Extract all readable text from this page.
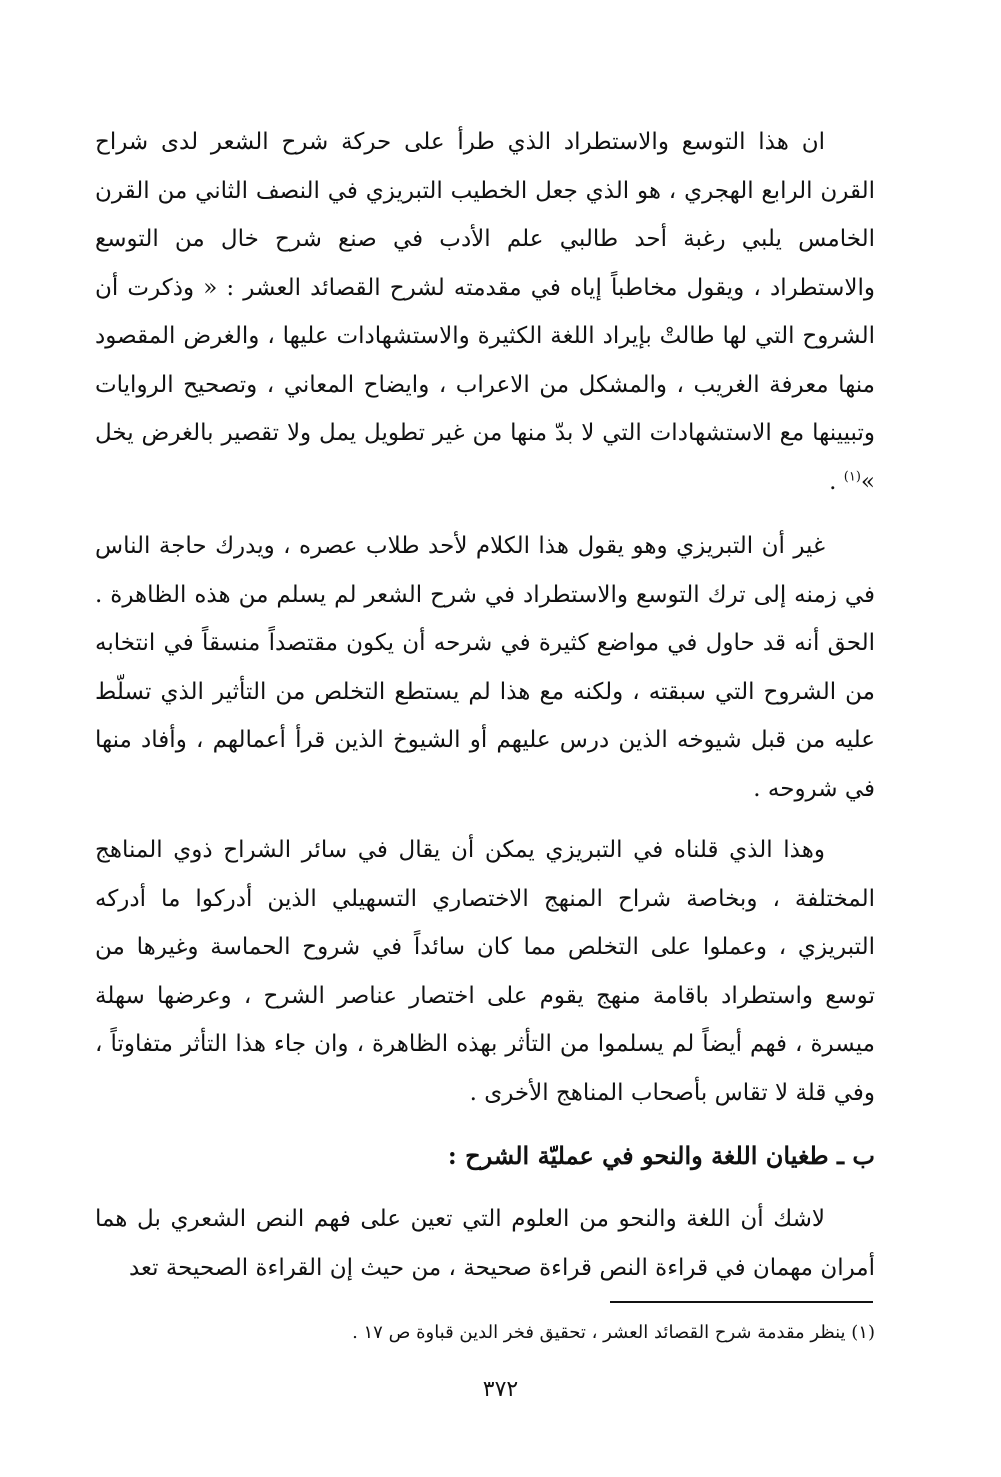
ان هذا التوسع والاستطراد الذي طرأ على حركة شرح الشعر لدى شراح القرن الرابع الهجري ، هو الذي جعل الخطيب التبريزي في النصف الثاني من القرن الخامس يلبي رغبة أحد طالبي علم الأدب في صنع شرح خال من التوسع والاستطراد ، ويقول مخاطباً إياه في مقدمته لشرح القصائد العشر : « وذكرت أن الشروح التي لها طالتْ بإيراد اللغة الكثيرة والاستشهادات عليها ، والغرض المقصود منها معرفة الغريب ، والمشكل من الاعراب ، وايضاح المعاني ، وتصحيح الروايات وتبيينها مع الاستشهادات التي لا بدّ منها من غير تطويل يمل ولا تقصير بالغرض يخل »$^{(١)}$ .

غير أن التبريزي وهو يقول هذا الكلام لأحد طلاب عصره ، ويدرك حاجة الناس في زمنه إلى ترك التوسع والاستطراد في شرح الشعر لم يسلم من هذه الظاهرة . الحق أنه قد حاول في مواضع كثيرة في شرحه أن يكون مقتصداً منسقاً في انتخابه من الشروح التي سبقته ، ولكنه مع هذا لم يستطع التخلص من التأثير الذي تسلّط عليه من قبل شيوخه الذين درس عليهم أو الشيوخ الذين قرأ أعمالهم ، وأفاد منها في شروحه .

وهذا الذي قلناه في التبريزي يمكن أن يقال في سائر الشراح ذوي المناهج المختلفة ، وبخاصة شراح المنهج الاختصاري التسهيلي الذين أدركوا ما أدركه التبريزي ، وعملوا على التخلص مما كان سائداً في شروح الحماسة وغيرها من توسع واستطراد باقامة منهج يقوم على اختصار عناصر الشرح ، وعرضها سهلة ميسرة ، فهم أيضاً لم يسلموا من التأثر بهذه الظاهرة ، وان جاء هذا التأثر متفاوتاً ، وفي قلة لا تقاس بأصحاب المناهج الأخرى .

ب ـ طغيان اللغة والنحو في عمليّة الشرح :

لاشك أن اللغة والنحو من العلوم التي تعين على فهم النص الشعري بل هما أمران مهمان في قراءة النص قراءة صحيحة ، من حيث إن القراءة الصحيحة تعد

(١) ينظر مقدمة شرح القصائد العشر ، تحقيق فخر الدين قباوة ص ١٧ .

٣٧٢
